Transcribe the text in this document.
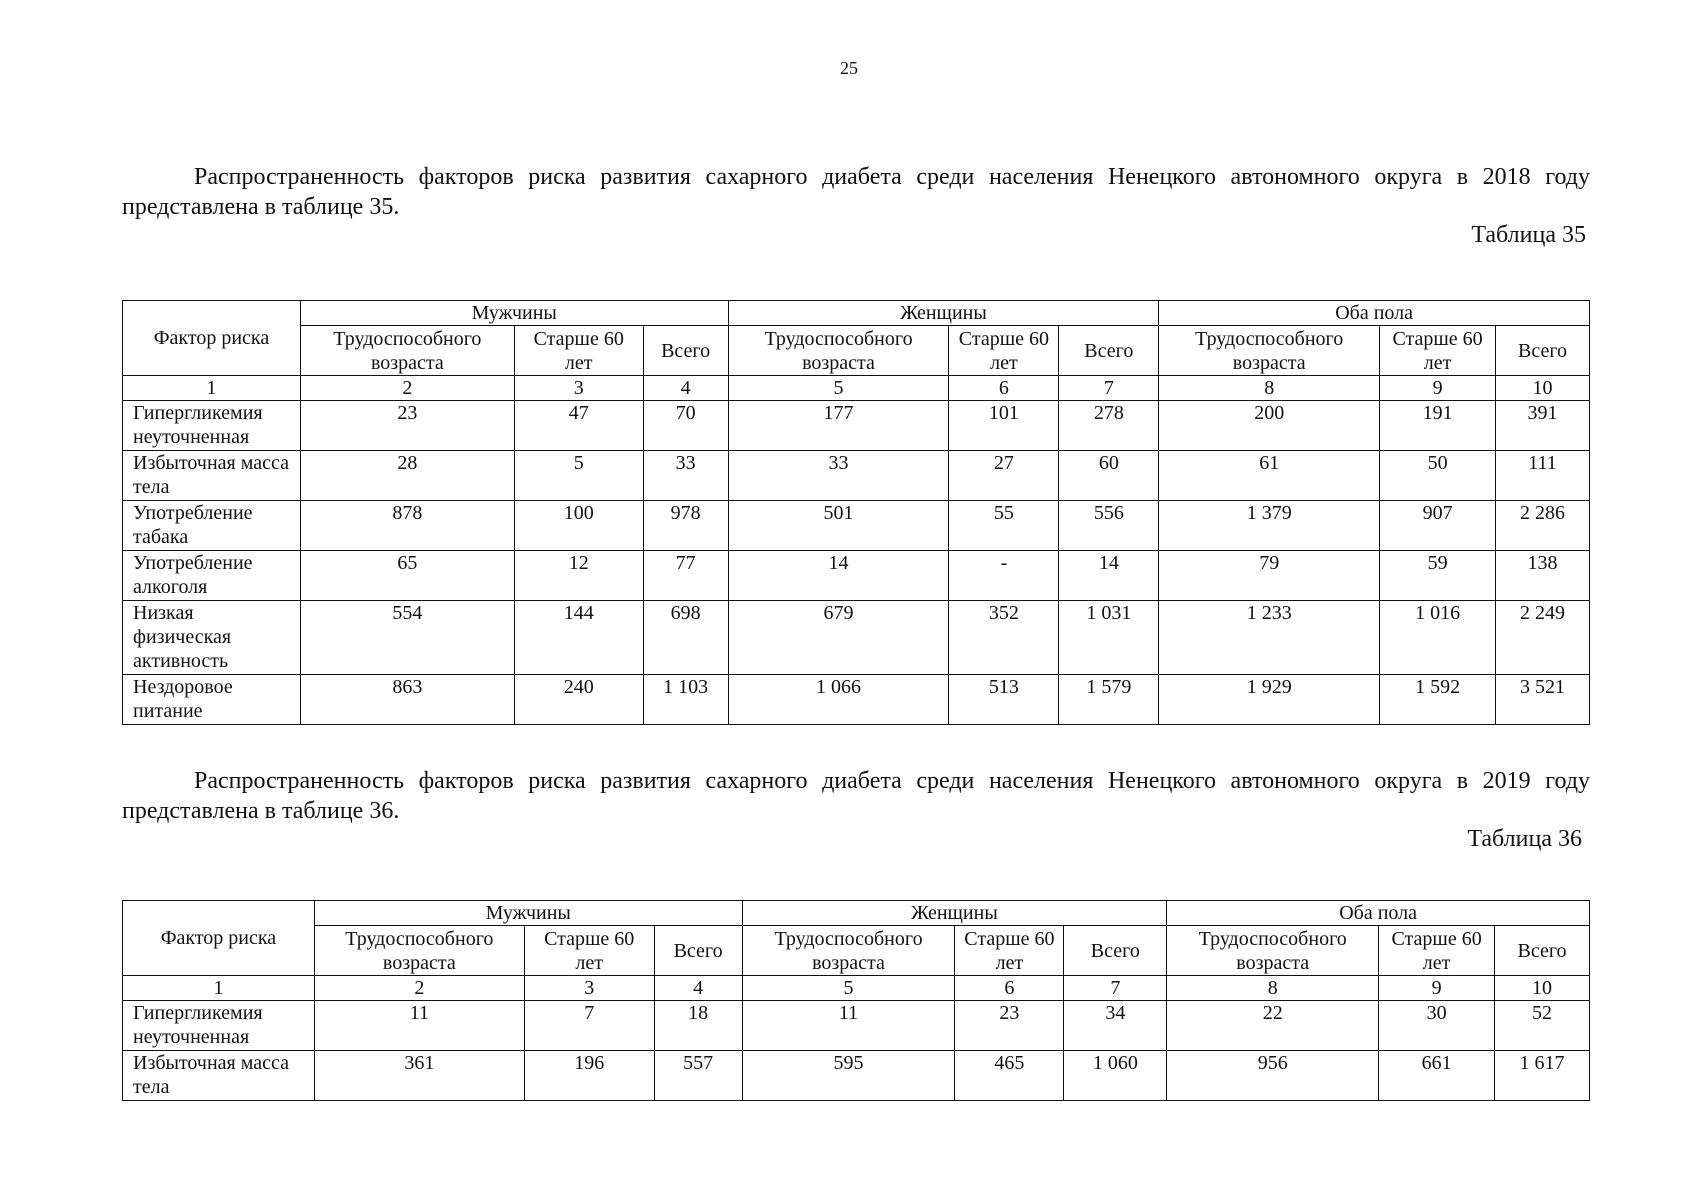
25

Распространенность факторов риска развития сахарного диабета среди населения Ненецкого автономного округа в 2018 году представлена в таблице 35.

Таблица 35
Фактор риска	Мужчины			Женщины			Оба пола		
	Трудоспособного возраста	Старше 60 лет	Всего	Трудоспособного возраста	Старше 60 лет	Всего	Трудоспособного возраста	Старше 60 лет	Всего
1	2	3	4	5	6	7	8	9	10
Гипергликемия неуточненная	23	47	70	177	101	278	200	191	391
Избыточная масса тела	28	5	33	33	27	60	61	50	111
Употребление табака	878	100	978	501	55	556	1 379	907	2 286
Употребление алкоголя	65	12	77	14	-	14	79	59	138
Низкая физическая активность	554	144	698	679	352	1 031	1 233	1 016	2 249
Нездоровое питание	863	240	1 103	1 066	513	1 579	1 929	1 592	3 521

Распространенность факторов риска развития сахарного диабета среди населения Ненецкого автономного округа в 2019 году представлена в таблице 36.

Таблица 36
Фактор риска	Мужчины			Женщины			Оба пола		
	Трудоспособного возраста	Старше 60 лет	Всего	Трудоспособного возраста	Старше 60 лет	Всего	Трудоспособного возраста	Старше 60 лет	Всего
1	2	3	4	5	6	7	8	9	10
Гипергликемия неуточненная	11	7	18	11	23	34	22	30	52
Избыточная масса тела	361	196	557	595	465	1 060	956	661	1 617
